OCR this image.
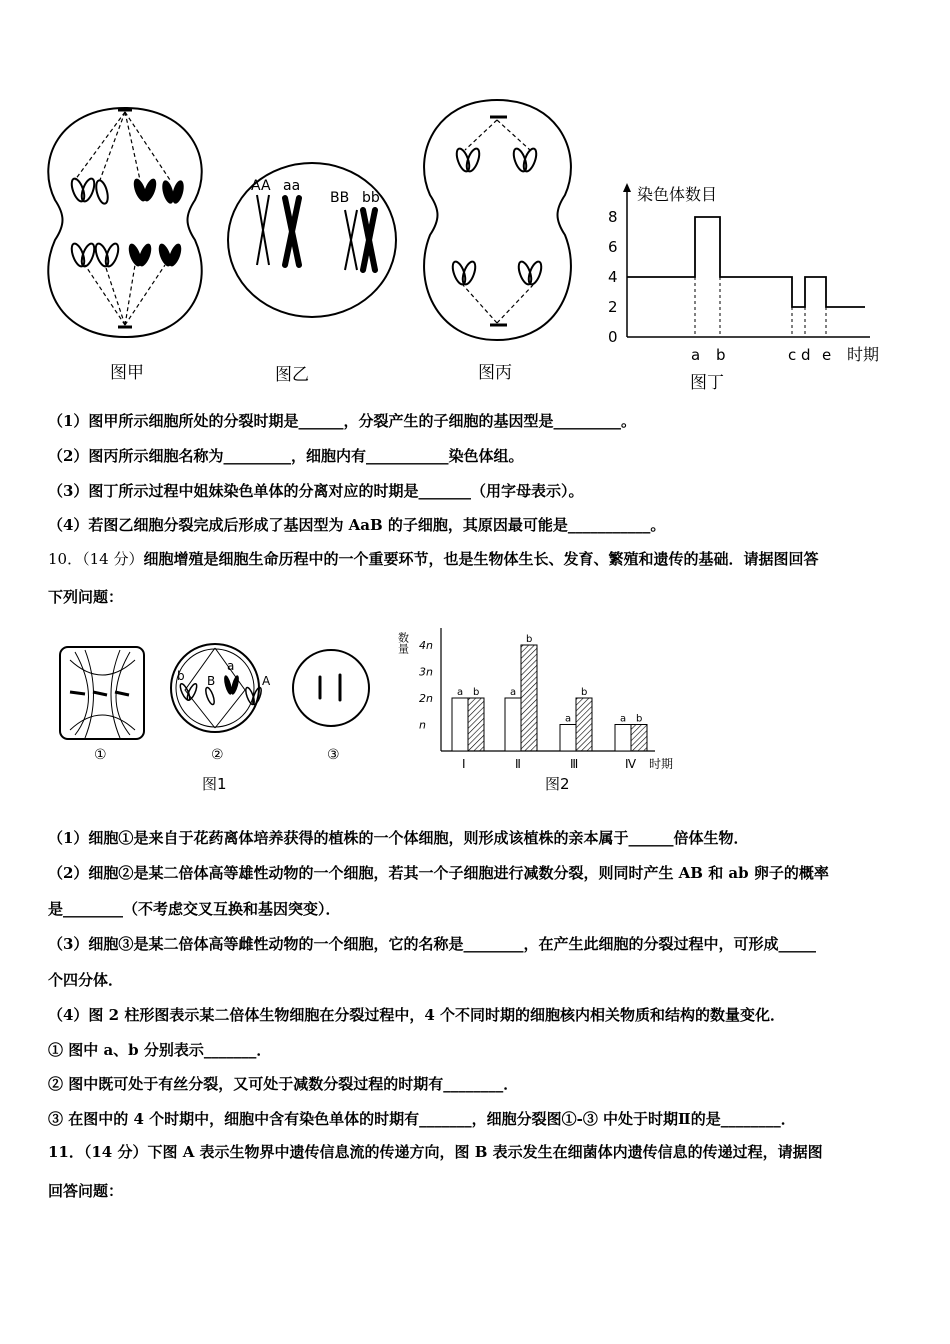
图甲
AA aa
BB bb
图乙	图丙
染色体数目
时期
8
6
4
2
0
a b	c d e
图丁
（1）图甲所示细胞所处的分裂时期是______，分裂产生的子细胞的基因型是_________。
（2）图丙所示细胞名称为_________，细胞内有___________染色体组。
（3）图丁所示过程中姐妹染色单体的分离对应的时期是_______（用字母表示）。
（4）若图乙细胞分裂完成后形成了基因型为 AaB 的子细胞，其原因最可能是___________。
10．（14 分）细胞增殖是细胞生命历程中的一个重要环节，也是生物体生长、发育、繁殖和遗传的基础．请据图回答
下列问题：
①
b B
a
A
②	③
图1
数量
时期
4n
3n
2n
n
a b	a
b
a
b
a b
Ⅰ	Ⅱ	Ⅲ	Ⅳ
图2
（1）细胞①是来自于花药离体培养获得的植株的一个体细胞，则形成该植株的亲本属于______倍体生物．
（2）细胞②是某二倍体高等雄性动物的一个细胞，若其一个子细胞进行减数分裂，则同时产生 AB 和 ab 卵子的概率
是________（不考虑交叉互换和基因突变）．
（3）细胞③是某二倍体高等雌性动物的一个细胞，它的名称是________，在产生此细胞的分裂过程中，可形成_____
个四分体．
（4）图 2 柱形图表示某二倍体生物细胞在分裂过程中，4 个不同时期的细胞核内相关物质和结构的数量变化．
① 图中 a、b 分别表示_______．
② 图中既可处于有丝分裂，又可处于减数分裂过程的时期有________．
③ 在图中的 4 个时期中，细胞中含有染色单体的时期有_______，细胞分裂图①-③ 中处于时期Ⅱ的是________．
11．（14 分）下图 A 表示生物界中遗传信息流的传递方向，图 B 表示发生在细菌体内遗传信息的传递过程，请据图
回答问题：
